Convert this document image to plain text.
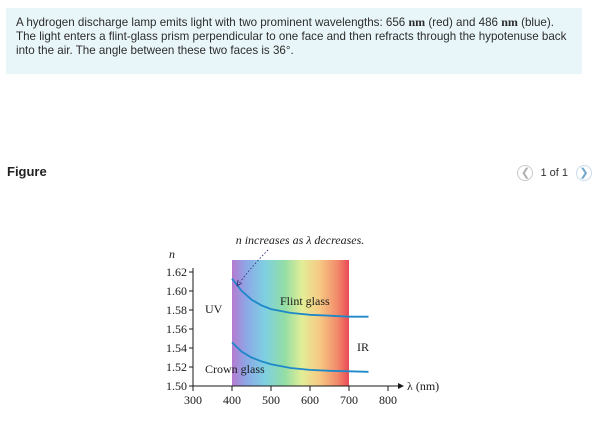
A hydrogen discharge lamp emits light with two prominent wavelengths: 656 nm (red) and 486 nm (blue). The light enters a flint-glass prism perpendicular to one face and then refracts through the hypotenuse back into the air. The angle between these two faces is 36°.
Figure	❮ 1 of 1	❯
1.50
1.52
1.54
1.56
1.58
1.60
1.62
300 400 500 600 700 800
n
λ (nm)
n increases as λ decreases.
UV
IR
Flint glass
Crown glass
